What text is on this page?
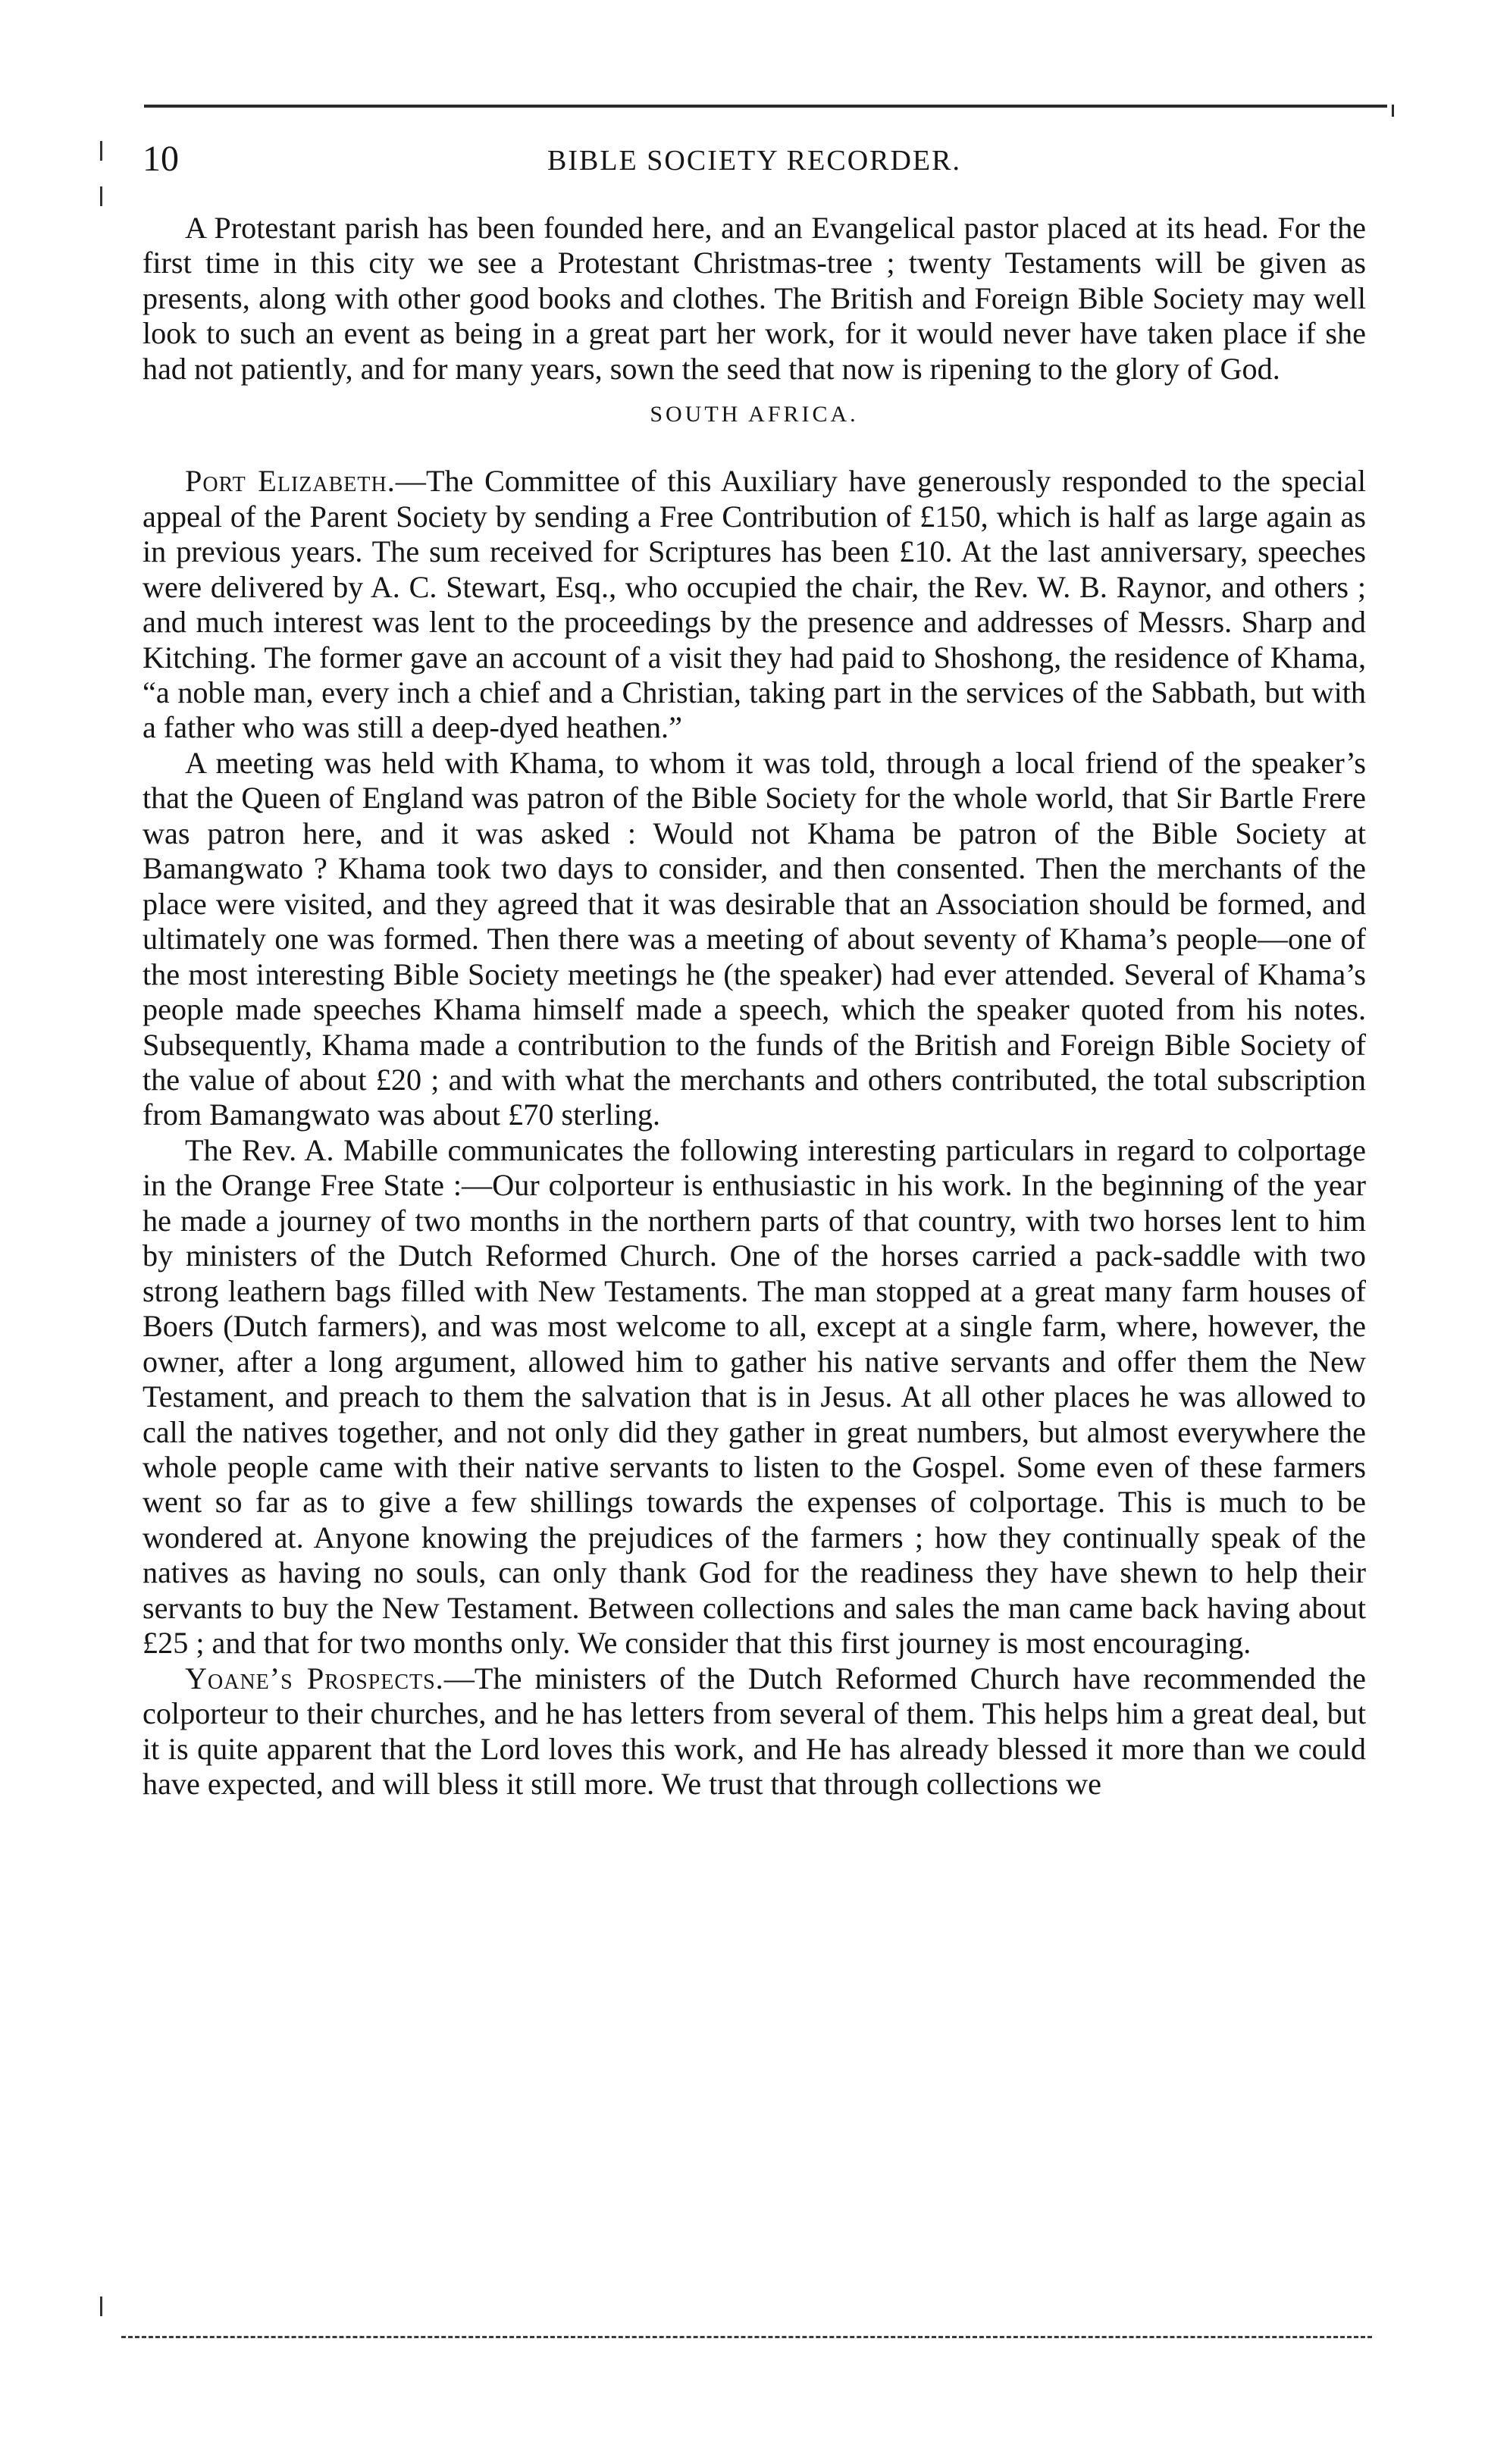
10	BIBLE SOCIETY RECORDER.

A Protestant parish has been founded here, and an Evangelical pastor placed at its head. For the first time in this city we see a Protestant Christmas-tree ; twenty Testaments will be given as presents, along with other good books and clothes. The British and Foreign Bible Society may well look to such an event as being in a great part her work, for it would never have taken place if she had not patiently, and for many years, sown the seed that now is ripening to the glory of God.

SOUTH AFRICA.

Port Elizabeth.—The Committee of this Auxiliary have generously responded to the special appeal of the Parent Society by sending a Free Contribution of £150, which is half as large again as in previous years. The sum received for Scriptures has been £10. At the last anniversary, speeches were delivered by A. C. Stewart, Esq., who occupied the chair, the Rev. W. B. Raynor, and others ; and much interest was lent to the proceedings by the presence and addresses of Messrs. Sharp and Kitching. The former gave an account of a visit they had paid to Shoshong, the residence of Khama, “a noble man, every inch a chief and a Christian, taking part in the services of the Sabbath, but with a father who was still a deep-dyed heathen.”

A meeting was held with Khama, to whom it was told, through a local friend of the speaker’s that the Queen of England was patron of the Bible Society for the whole world, that Sir Bartle Frere was patron here, and it was asked : Would not Khama be patron of the Bible Society at Bamangwato ? Khama took two days to consider, and then consented. Then the merchants of the place were visited, and they agreed that it was desirable that an Association should be formed, and ultimately one was formed. Then there was a meeting of about seventy of Khama’s people—one of the most interesting Bible Society meetings he (the speaker) had ever attended. Several of Khama’s people made speeches Khama himself made a speech, which the speaker quoted from his notes. Subsequently, Khama made a contribution to the funds of the British and Foreign Bible Society of the value of about £20 ; and with what the merchants and others contributed, the total subscription from Bamangwato was about £70 sterling.

The Rev. A. Mabille communicates the following interesting particulars in regard to colportage in the Orange Free State :—Our colporteur is enthusiastic in his work. In the beginning of the year he made a journey of two months in the northern parts of that country, with two horses lent to him by ministers of the Dutch Reformed Church. One of the horses carried a pack-saddle with two strong leathern bags filled with New Testaments. The man stopped at a great many farm houses of Boers (Dutch farmers), and was most welcome to all, except at a single farm, where, however, the owner, after a long argument, allowed him to gather his native servants and offer them the New Testament, and preach to them the salvation that is in Jesus. At all other places he was allowed to call the natives together, and not only did they gather in great numbers, but almost everywhere the whole people came with their native servants to listen to the Gospel. Some even of these farmers went so far as to give a few shillings towards the expenses of colportage. This is much to be wondered at. Anyone knowing the prejudices of the farmers ; how they continually speak of the natives as having no souls, can only thank God for the readiness they have shewn to help their servants to buy the New Testament. Between collections and sales the man came back having about £25 ; and that for two months only. We consider that this first journey is most encouraging.

Yoane’s Prospects.—The ministers of the Dutch Reformed Church have recommended the colporteur to their churches, and he has letters from several of them. This helps him a great deal, but it is quite apparent that the Lord loves this work, and He has already blessed it more than we could have expected, and will bless it still more. We trust that through collections we
